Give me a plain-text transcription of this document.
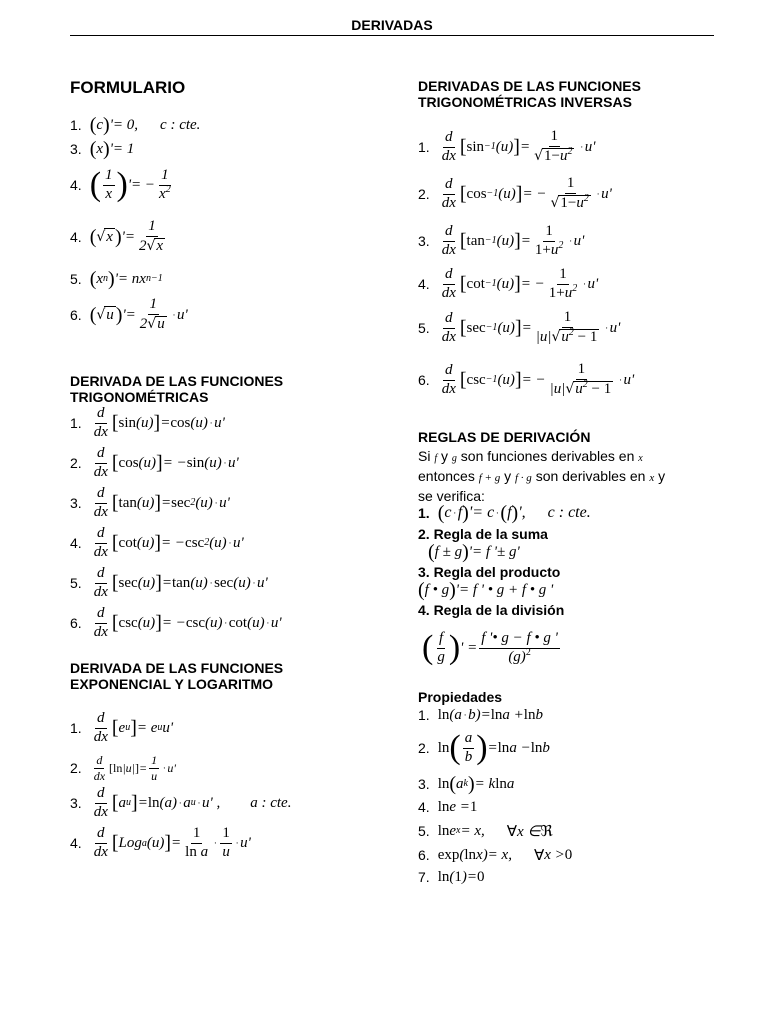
DERIVADAS
FORMULARIO
1. ( c ) '= 0, c : cte.
3. ( x ) '= 1
4. ( $\frac{1}{x}$ ) '= − $\frac{1}{x^2}$
4. ( √ x ) '= $\frac{1}{2√x}$
5. ( x n ) '= nx n−1
6. ( √ u ) '= $\frac{1}{2√u} \cdot u'$
DERIVADA DE LAS FUNCIONES TRIGONOMÉTRICAS
1. $\frac{d}{dx}$ [ sin (u) ] = cos (u) · u'
2. $\frac{d}{dx}$ [ cos (u) ] = − sin (u) · u'
3. $\frac{d}{dx}$ [ tan (u) ] = sec 2 (u) · u'
4. $\frac{d}{dx}$ [ cot (u) ] = − csc 2 (u) · u'
5. $\frac{d}{dx}$ [ sec (u) ] = tan (u) · sec (u) · u'
6. $\frac{d}{dx}$ [ csc (u) ] = − csc (u) · cot (u) · u'
DERIVADA DE LAS FUNCIONES EXPONENCIAL Y LOGARITMO
1. $\frac{d}{dx}$ [ e u ] = e u u'
2. $\frac{d}{dx}$ [ ln |u| ] = $\frac{1}{u} \cdot u'$
3. $\frac{d}{dx}$ [ a u ] = ln (a) · a u · u' , a : cte.
4. $\frac{d}{dx}$ [ Log a (u) ] = $\frac{1}{\text{ln a}} \cdot \frac{1}{u} \cdot u'$
DERIVADAS DE LAS FUNCIONES TRIGONOMÉTRICAS INVERSAS
1. $\frac{d}{dx}$ [ sin −1 (u) ] = $\frac{1}{√1-u^2} \cdot u'$
2. $\frac{d}{dx}$ [ cos −1 (u) ] = − $\frac{1}{√1-u^2} \cdot u'$
3. $\frac{d}{dx}$ [ tan −1 (u) ] = $\frac{1}{1+u^2} \cdot u'$
4. $\frac{d}{dx}$ [ cot −1 (u) ] = − $\frac{1}{1+u^2} \cdot u'$
5. $\frac{d}{dx}$ [ sec −1 (u) ] = $\frac{1}{|u|√u^2 - 1} \cdot u'$
6. $\frac{d}{dx}$ [ csc −1 (u) ] = − $\frac{1}{|u|√u^2 - 1} \cdot u'$
REGLAS DE DERIVACIÓN
Si f y g son funciones derivables en x
entonces f + g y f · g son derivables en x y
se verifica:
1. ( c · f ) '= c · ( f ) ', c : cte.
2. Regla de la suma
( f ± g ) '= f '± g'
3. Regla del producto
( f • g ) '= f ' • g + f • g '
4. Regla de la división
( $\frac{f}{g}$ ) ' = $\frac{f '• g - f • g '}{(g)^2}$
Propiedades
1. ln (a · b)= ln a + ln b
2. ln ( $\frac{a}{b}$ ) = ln a − ln b
3. ln ( a k ) = k ln a
4. ln e = 1
5. ln e x = x, ∀ x ∈ ℜ
6. exp ( ln x)= x, ∀ x > 0
7. ln ( 1 )= 0
